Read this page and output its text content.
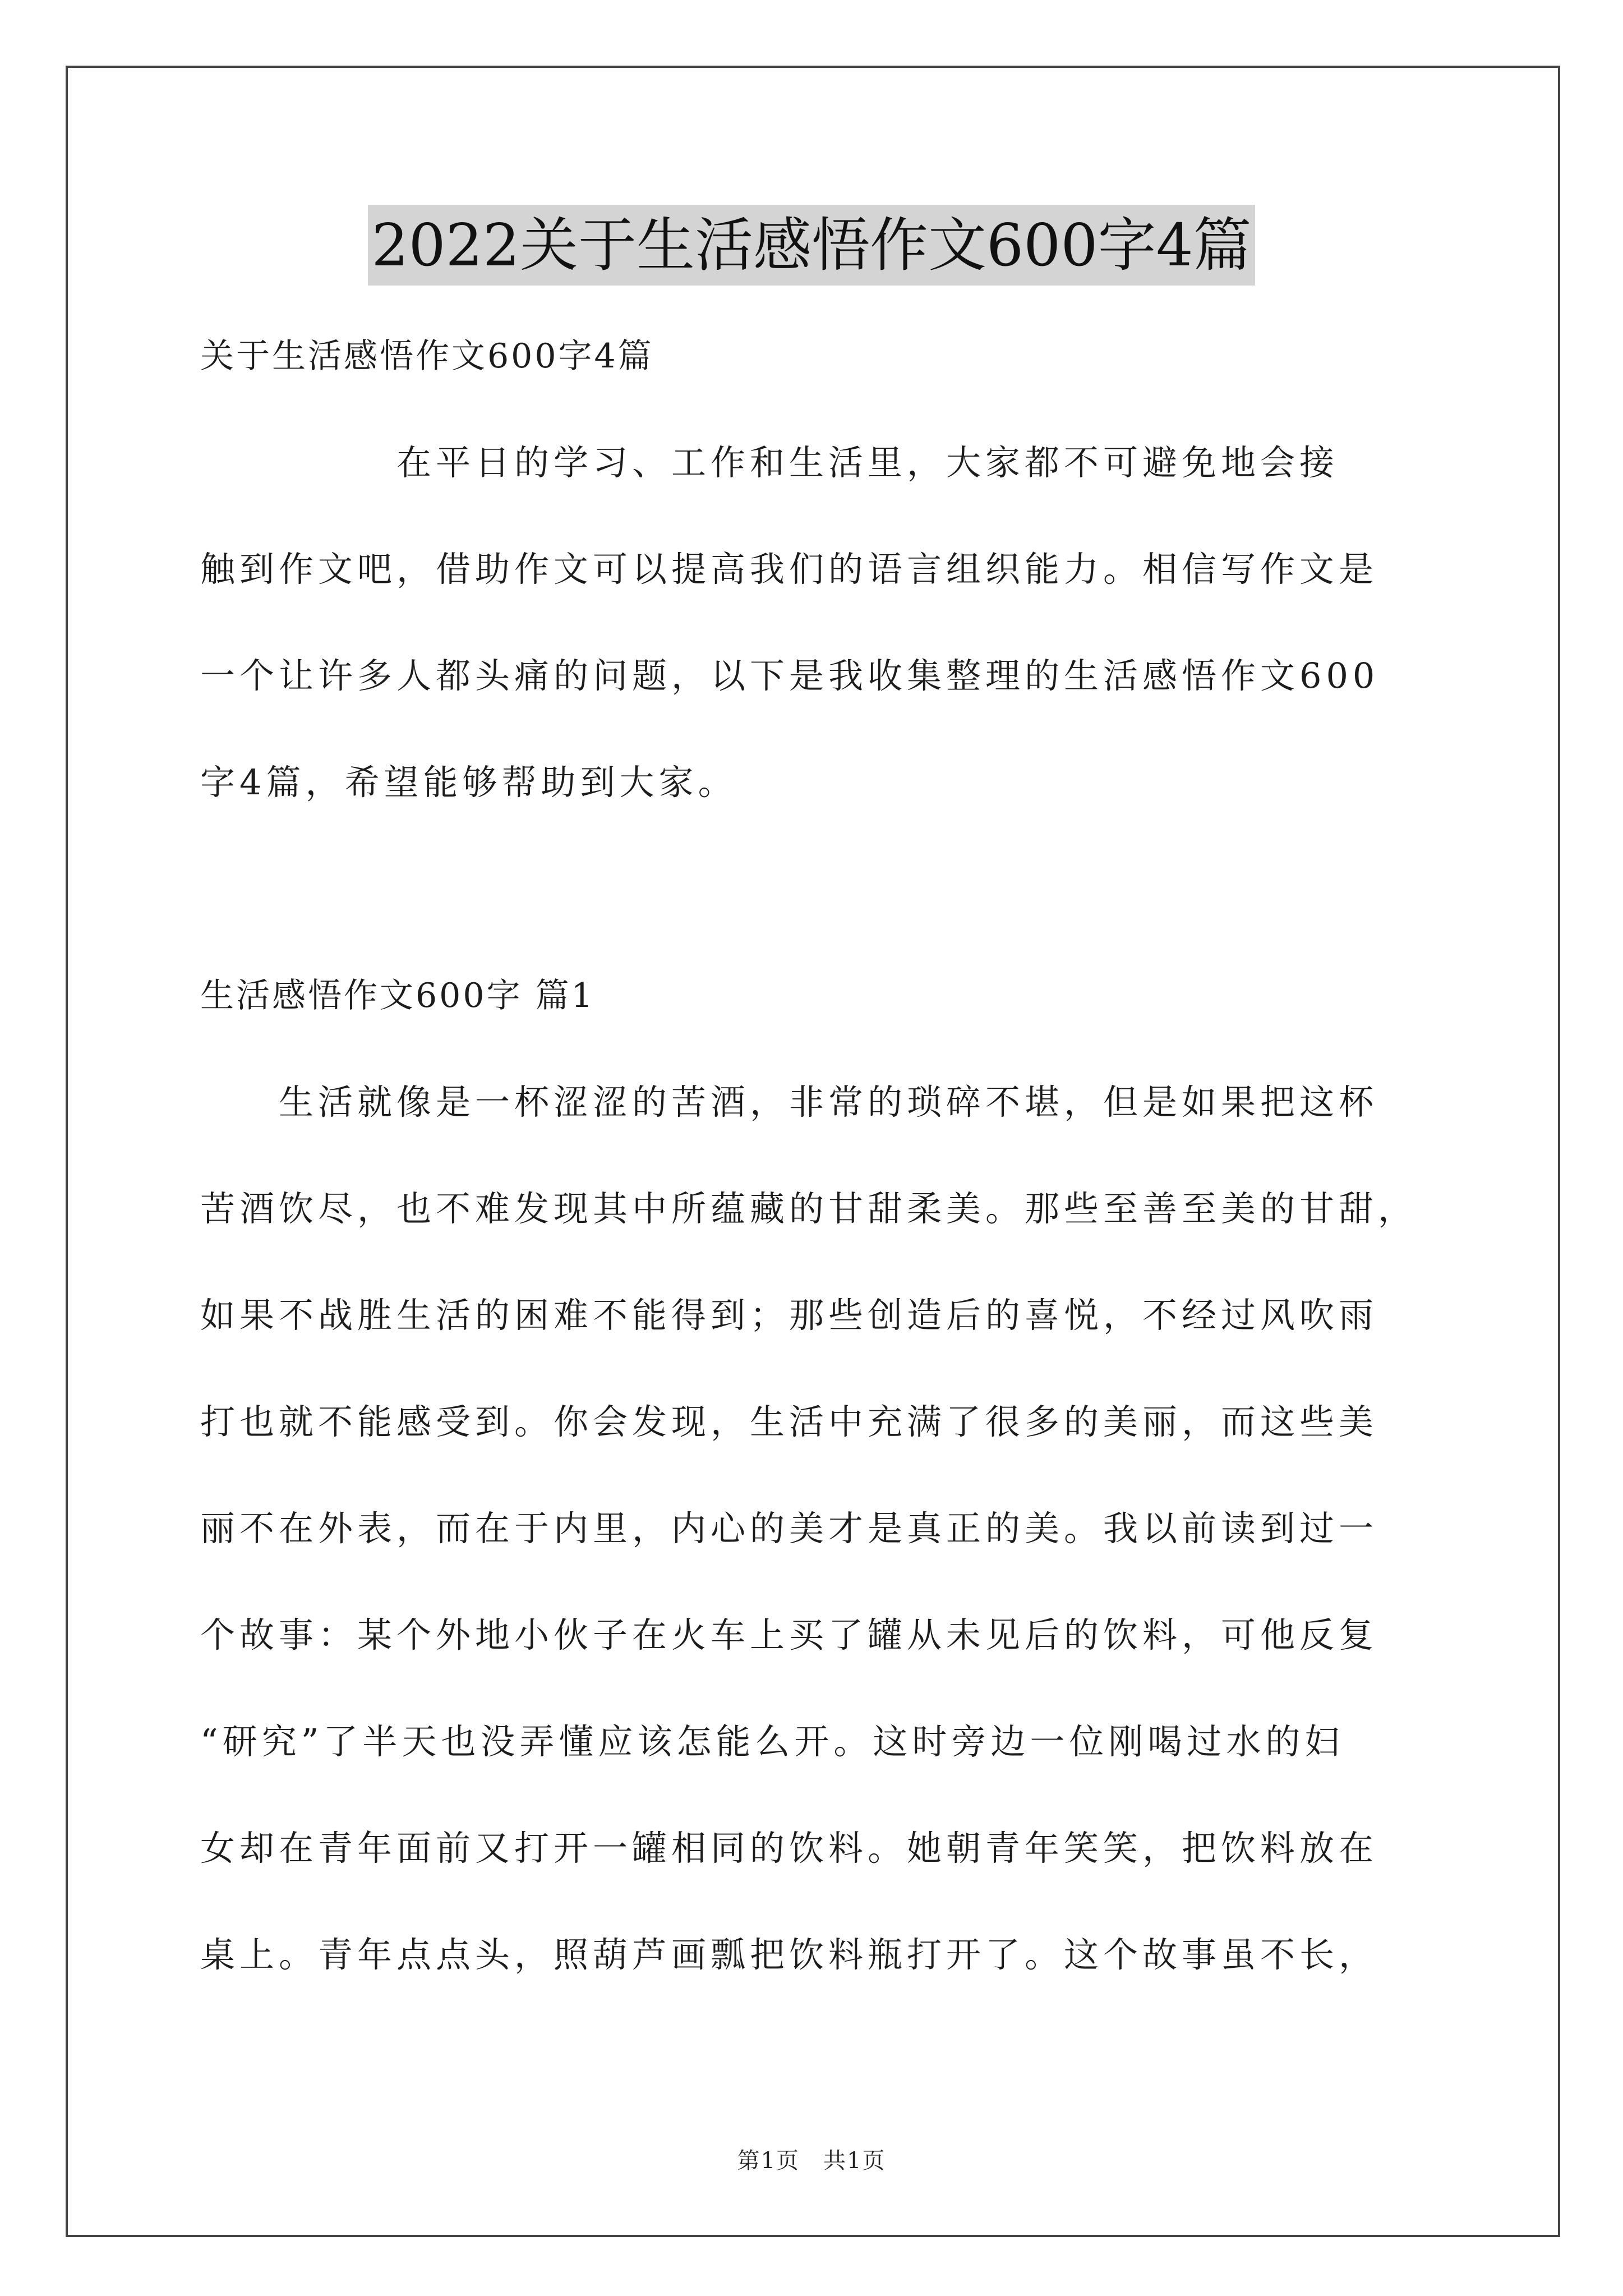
2022关于生活感悟作文600字4篇
关于生活感悟作文600字4篇
　　　　　在平日的学习、工作和生活里，大家都不可避免地会接
触到作文吧，借助作文可以提高我们的语言组织能力。相信写作文是
一个让许多人都头痛的问题，以下是我收集整理的生活感悟作文600
字4篇，希望能够帮助到大家。
生活感悟作文600字 篇1
　　生活就像是一杯涩涩的苦酒，非常的琐碎不堪，但是如果把这杯
苦酒饮尽，也不难发现其中所蕴藏的甘甜柔美。那些至善至美的甘甜，
如果不战胜生活的困难不能得到；那些创造后的喜悦，不经过风吹雨
打也就不能感受到。你会发现，生活中充满了很多的美丽，而这些美
丽不在外表，而在于内里，内心的美才是真正的美。我以前读到过一
个故事：某个外地小伙子在火车上买了罐从未见后的饮料，可他反复
“研究”了半天也没弄懂应该怎能么开。这时旁边一位刚喝过水的妇
女却在青年面前又打开一罐相同的饮料。她朝青年笑笑，把饮料放在
桌上。青年点点头，照葫芦画瓢把饮料瓶打开了。这个故事虽不长，
第1页　共1页
